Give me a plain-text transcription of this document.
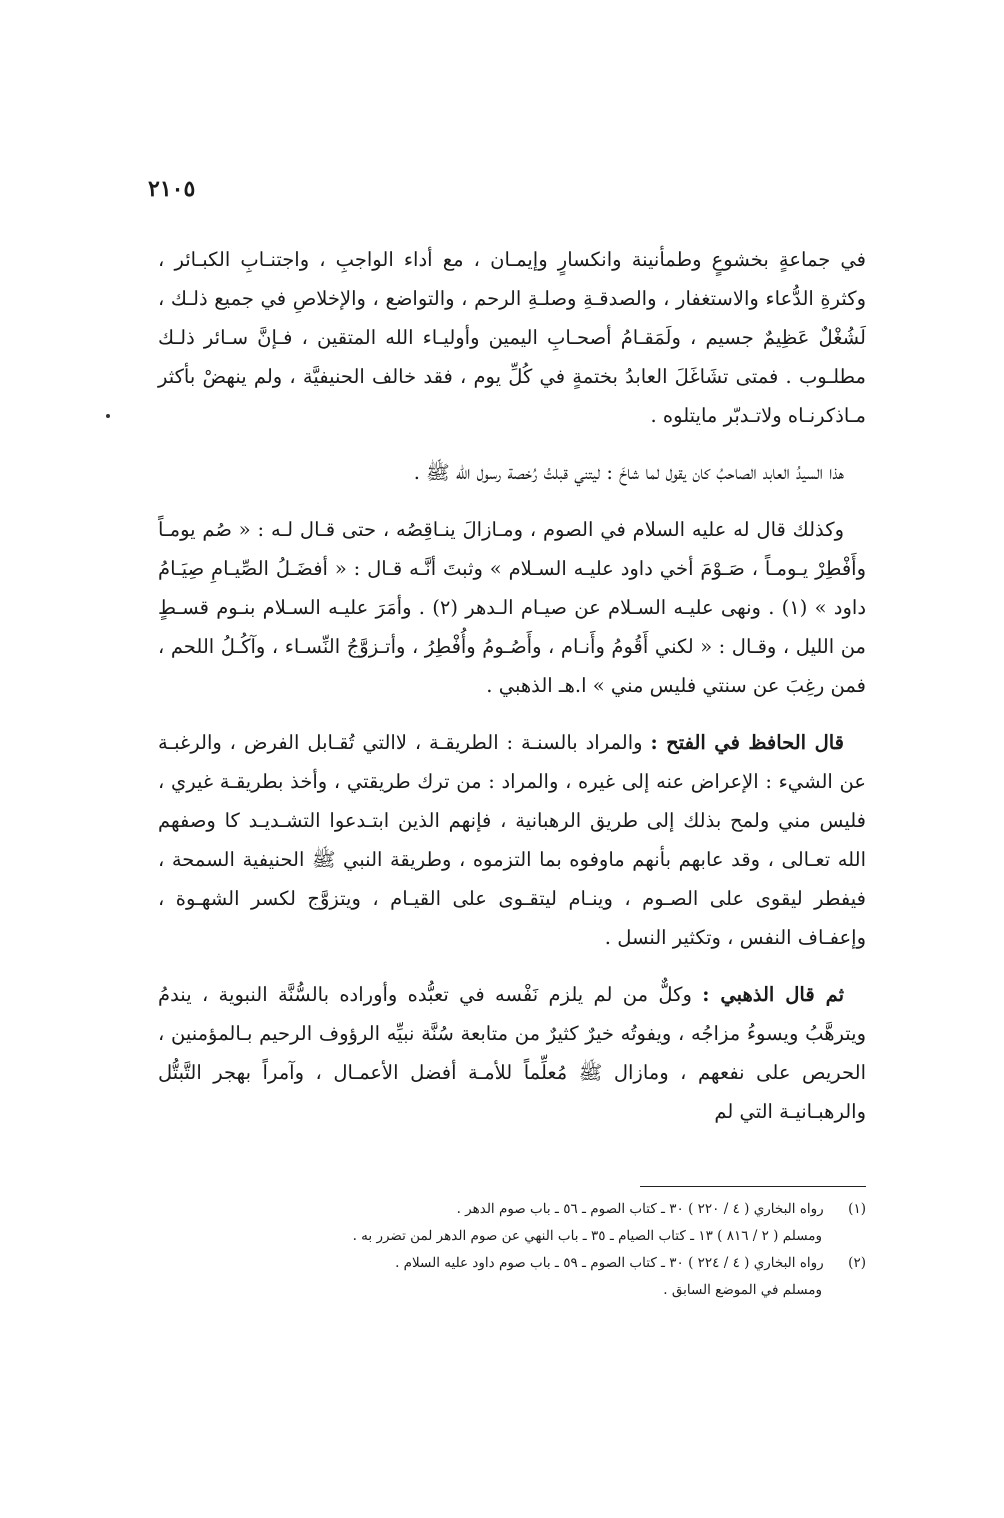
٢١٠٥

في جماعةٍ بخشوعٍ وطمأنينة وانكسارٍ وإيمـان ، مع أداء الواجبِ ، واجتنـابِ الكبـائر ، وكثرةِ الدُّعاء والاستغفار ، والصدقـةِ وصلـةِ الرحم ، والتواضع ، والإخلاصِ في جميع ذلـك ، لَشُغْلٌ عَظِيمٌ جسيم ، ولَمَقـامُ أصحـابِ اليمين وأوليـاء الله المتقين ، فـإنَّ سـائر ذلـك مطلـوب . فمتى تشَاغَلَ العابدُ بختمةٍ في كُلِّ يوم ، فقد خالف الحنيفيَّة ، ولم ينهضْ بأكثر مـاذكرنـاه ولاتـدبّر مايتلوه .

هذا السيدُ العابد الصاحبُ كان يقول لما شاخَ : ليتني قبلتُ رُخصة رسول الله ﷺ .

وكذلك قال له عليه السلام في الصوم ، ومـازالَ ينـاقِصُه ، حتى قـال لـه : « صُم يومـاً وأَفْطِرْ يـومـاً ، صَـوْمَ أخي داود عليـه السـلام » وثبتَ أنَّـه قـال : « أفضَـلُ الصِّيـامِ صِيَـامُ داود » (١) . ونهى عليـه السـلام عن صيـام الـدهر (٢) . وأمَرَ عليـه السـلام بنـوم قسـطٍ من الليل ، وقـال : « لكني أَقُومُ وأَنـام ، وأَصُـومُ وأُفْطِرُ ، وأتـزوَّجُ النِّسـاء ، وآكُـلُ اللحم ، فمن رغِبَ عن سنتي فليس مني » ا.هـ الذهبي .

قال الحافظ في الفتح : والمراد بالسنـة : الطريقـة ، لاالتي تُقـابل الفرض ، والرغبـة عن الشيء : الإعراض عنه إلى غيره ، والمراد : من ترك طريقتي ، وأخذ بطريقـة غيري ، فليس مني ولمح بذلك إلى طريق الرهبانية ، فإنهم الذين ابتـدعوا التشـديـد كا وصفهم الله تعـالى ، وقد عابهم بأنهم ماوفوه بما التزموه ، وطريقة النبي ﷺ الحنيفية السمحة ، فيفطر ليقوى على الصـوم ، وينـام ليتقـوى على القيـام ، ويتزوَّج لكسر الشهـوة ، وإعفـاف النفس ، وتكثير النسل .

ثم قال الذهبي : وكلٌّ من لم يلزم نَفْسه في تعبُّده وأوراده بالسُّنَّة النبوية ، يندمُ ويترهَّبُ ويسوءُ مزاجُه ، ويفوتُه خيرٌ كثيرٌ من متابعة سُنَّة نبيِّه الرؤوف الرحيم بـالمؤمنين ، الحريص على نفعهم ، ومازال ﷺ مُعلِّماً للأمـة أفضل الأعمـال ، وآمراً بهجر التَّبتُّل والرهبـانيـة التي لم

(١) رواه البخاري ( ٤ / ٢٢٠ ) ٣٠ ـ كتاب الصوم ـ ٥٦ ـ باب صوم الدهر .

ومسلم ( ٢ / ٨١٦ ) ١٣ ـ كتاب الصيام ـ ٣٥ ـ باب النهي عن صوم الدهر لمن تضرر به .

(٢) رواه البخاري ( ٤ / ٢٢٤ ) ٣٠ ـ كتاب الصوم ـ ٥٩ ـ باب صوم داود عليه السلام .

ومسلم في الموضع السابق .
